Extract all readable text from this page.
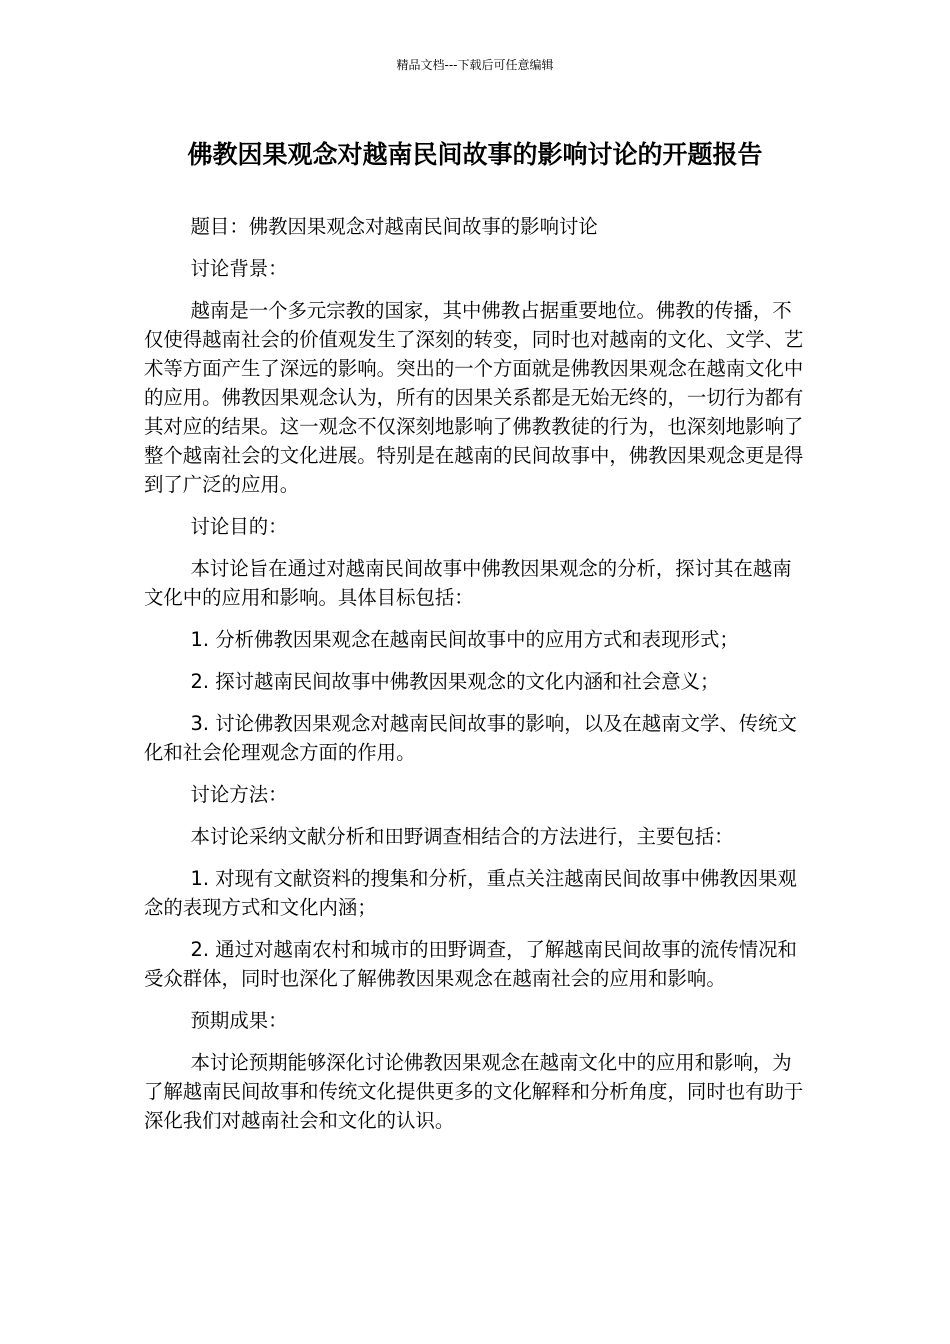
精品文档---下载后可任意编辑
佛教因果观念对越南民间故事的影响讨论的开题报告

题目：佛教因果观念对越南民间故事的影响讨论

讨论背景：

越南是一个多元宗教的国家，其中佛教占据重要地位。佛教的传播，不仅使得越南社会的价值观发生了深刻的转变，同时也对越南的文化、文学、艺术等方面产生了深远的影响。突出的一个方面就是佛教因果观念在越南文化中的应用。佛教因果观念认为，所有的因果关系都是无始无终的，一切行为都有其对应的结果。这一观念不仅深刻地影响了佛教教徒的行为，也深刻地影响了整个越南社会的文化进展。特别是在越南的民间故事中，佛教因果观念更是得到了广泛的应用。

讨论目的：

本讨论旨在通过对越南民间故事中佛教因果观念的分析，探讨其在越南文化中的应用和影响。具体目标包括：

1. 分析佛教因果观念在越南民间故事中的应用方式和表现形式；

2. 探讨越南民间故事中佛教因果观念的文化内涵和社会意义；

3. 讨论佛教因果观念对越南民间故事的影响，以及在越南文学、传统文化和社会伦理观念方面的作用。

讨论方法：

本讨论采纳文献分析和田野调查相结合的方法进行，主要包括：

1. 对现有文献资料的搜集和分析，重点关注越南民间故事中佛教因果观念的表现方式和文化内涵；

2. 通过对越南农村和城市的田野调查，了解越南民间故事的流传情况和受众群体，同时也深化了解佛教因果观念在越南社会的应用和影响。

预期成果：

本讨论预期能够深化讨论佛教因果观念在越南文化中的应用和影响，为了解越南民间故事和传统文化提供更多的文化解释和分析角度，同时也有助于深化我们对越南社会和文化的认识。
